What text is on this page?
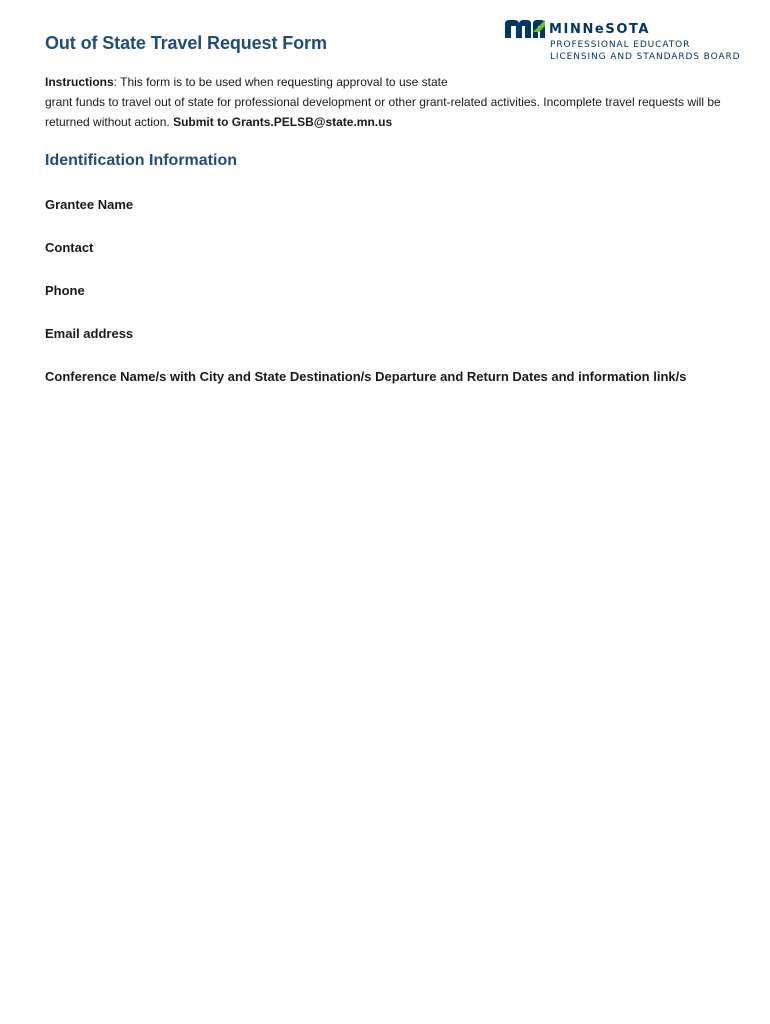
Out of State Travel Request Form
MINNeSOTA
PROFESSIONAL EDUCATOR
LICENSING AND STANDARDS BOARD

Instructions: This form is to be used when requesting approval to use state
grant funds to travel out of state for professional development or other grant-related activities. Incomplete travel requests will be returned without action. Submit to Grants.PELSB@state.mn.us

Identification Information

Grantee Name

Contact

Phone

Email address

Conference Name/s with City and State Destination/s Departure and Return Dates and information link/s
